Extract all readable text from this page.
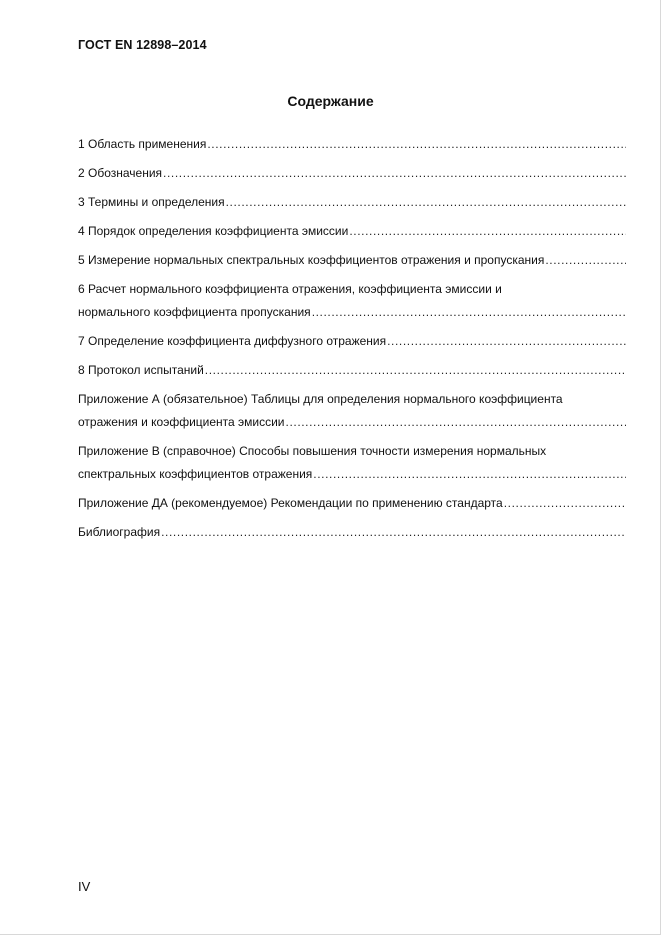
ГОСТ EN 12898–2014
Содержание
1 Область применения
.....
2 Обозначения
.....
3 Термины и определения
.....
4 Порядок определения коэффициента эмиссии
.....
5 Измерение нормальных спектральных коэффициентов отражения и пропускания
.....
6 Расчет нормального коэффициента отражения, коэффициента эмиссии и
нормального коэффициента пропускания
.....
7 Определение коэффициента диффузного отражения
.....
8 Протокол испытаний
.....
Приложение А (обязательное) Таблицы для определения нормального коэффициента
отражения и коэффициента эмиссии
.....
Приложение В (справочное) Способы повышения точности измерения нормальных
спектральных коэффициентов отражения
.....
Приложение ДА (рекомендуемое) Рекомендации по применению стандарта
.....
Библиография
.....
IV
